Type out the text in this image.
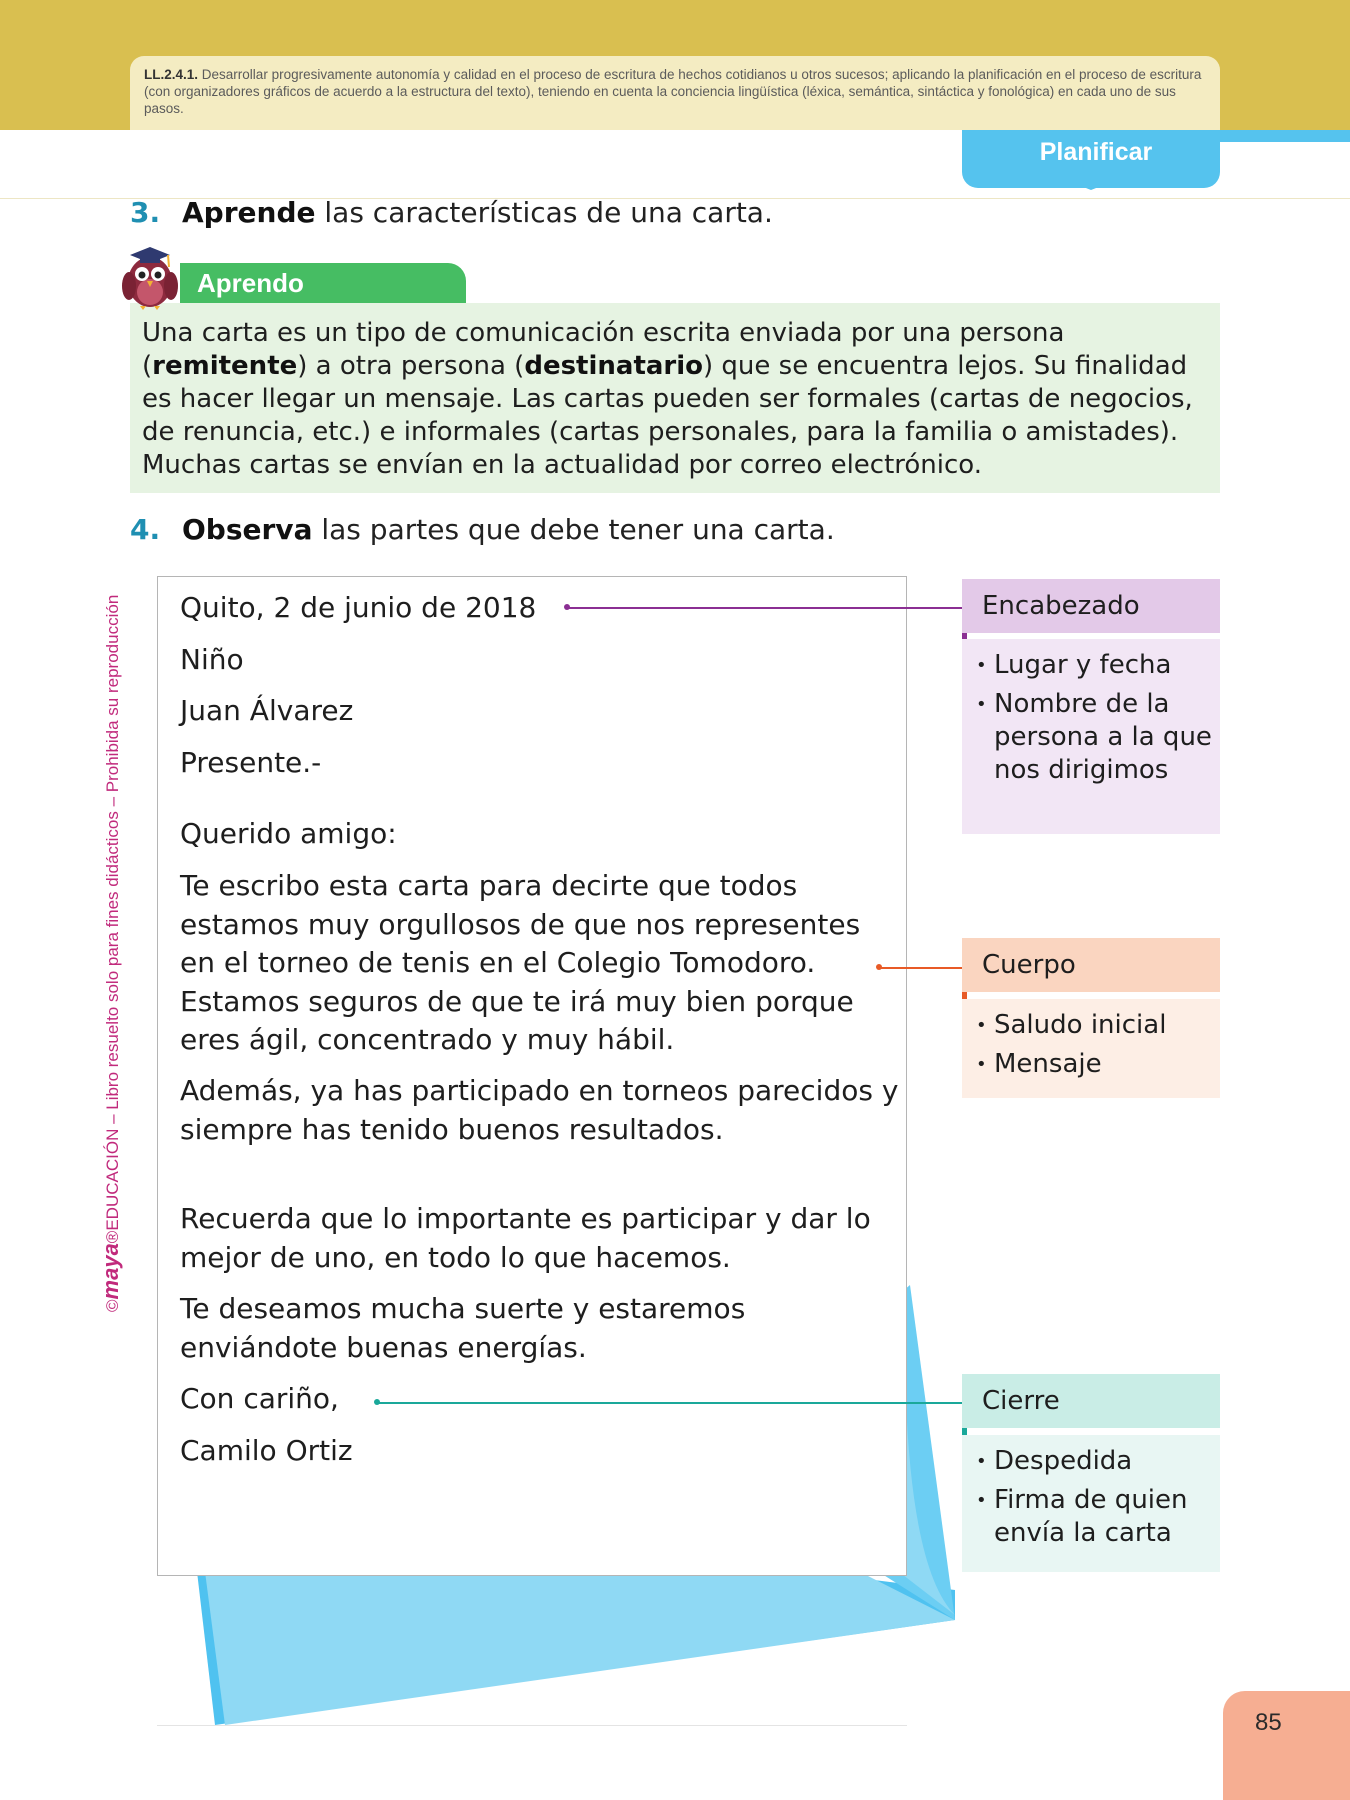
LL.2.4.1. Desarrollar progresivamente autonomía y calidad en el proceso de escritura de hechos cotidianos u otros sucesos; aplicando la planificación en el proceso de escritura (con organizadores gráficos de acuerdo a la estructura del texto), teniendo en cuenta la conciencia lingüística (léxica, semántica, sintáctica y fonológica) en cada uno de sus pasos.
Planificar
3. Aprende las características de una carta.
Aprendo
Una carta es un tipo de comunicación escrita enviada por una persona (remitente) a otra persona (destinatario) que se encuentra lejos. Su finalidad es hacer llegar un mensaje. Las cartas pueden ser formales (cartas de negocios, de renuncia, etc.) e informales (cartas personales, para la familia o amistades). Muchas cartas se envían en la actualidad por correo electrónico.
©maya®EDUCACIÓN – Libro resuelto solo para fines didácticos – Prohibida su reproducción
4. Observa las partes que debe tener una carta.
Quito, 2 de junio de 2018
Niño
Juan Álvarez
Presente.-
Querido amigo:
Te escribo esta carta para decirte que todos estamos muy orgullosos de que nos representes en el torneo de tenis en el Colegio Tomodoro. Estamos seguros de que te irá muy bien porque eres ágil, concentrado y muy hábil.
Además, ya has participado en torneos parecidos y siempre has tenido buenos resultados.
Recuerda que lo importante es participar y dar lo mejor de uno, en todo lo que hacemos.
Te deseamos mucha suerte y estaremos enviándote buenas energías.
Con cariño,
Camilo Ortiz
Encabezado
• Lugar y fecha
• Nombre de la persona a la que nos dirigimos
Cuerpo
• Saludo inicial
• Mensaje
Cierre
• Despedida
• Firma de quien envía la carta
85
